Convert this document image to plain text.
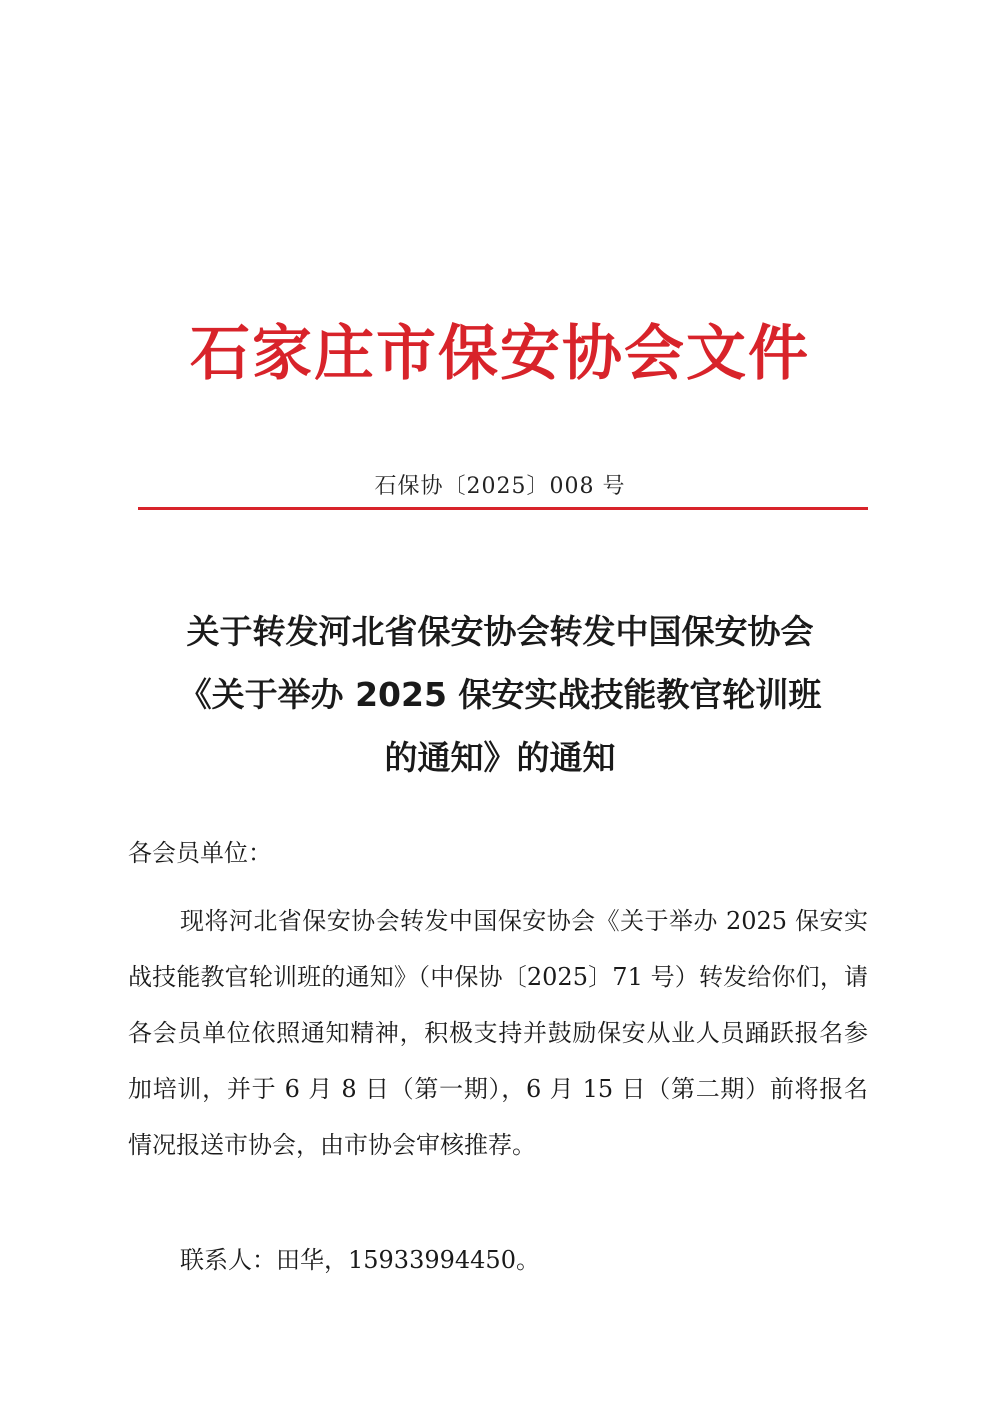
石家庄市保安协会文件
石保协〔2025〕008 号
关于转发河北省保安协会转发中国保安协会
《关于举办 2025 保安实战技能教官轮训班
的通知》的通知
各会员单位：
现将河北省保安协会转发中国保安协会《关于举办 2025 保安实战技能教官轮训班的通知》（中保协〔2025〕71 号）转发给你们，请各会员单位依照通知精神，积极支持并鼓励保安从业人员踊跃报名参加培训，并于 6 月 8 日（第一期），6 月 15 日（第二期）前将报名情况报送市协会，由市协会审核推荐。
联系人：田华，15933994450。
